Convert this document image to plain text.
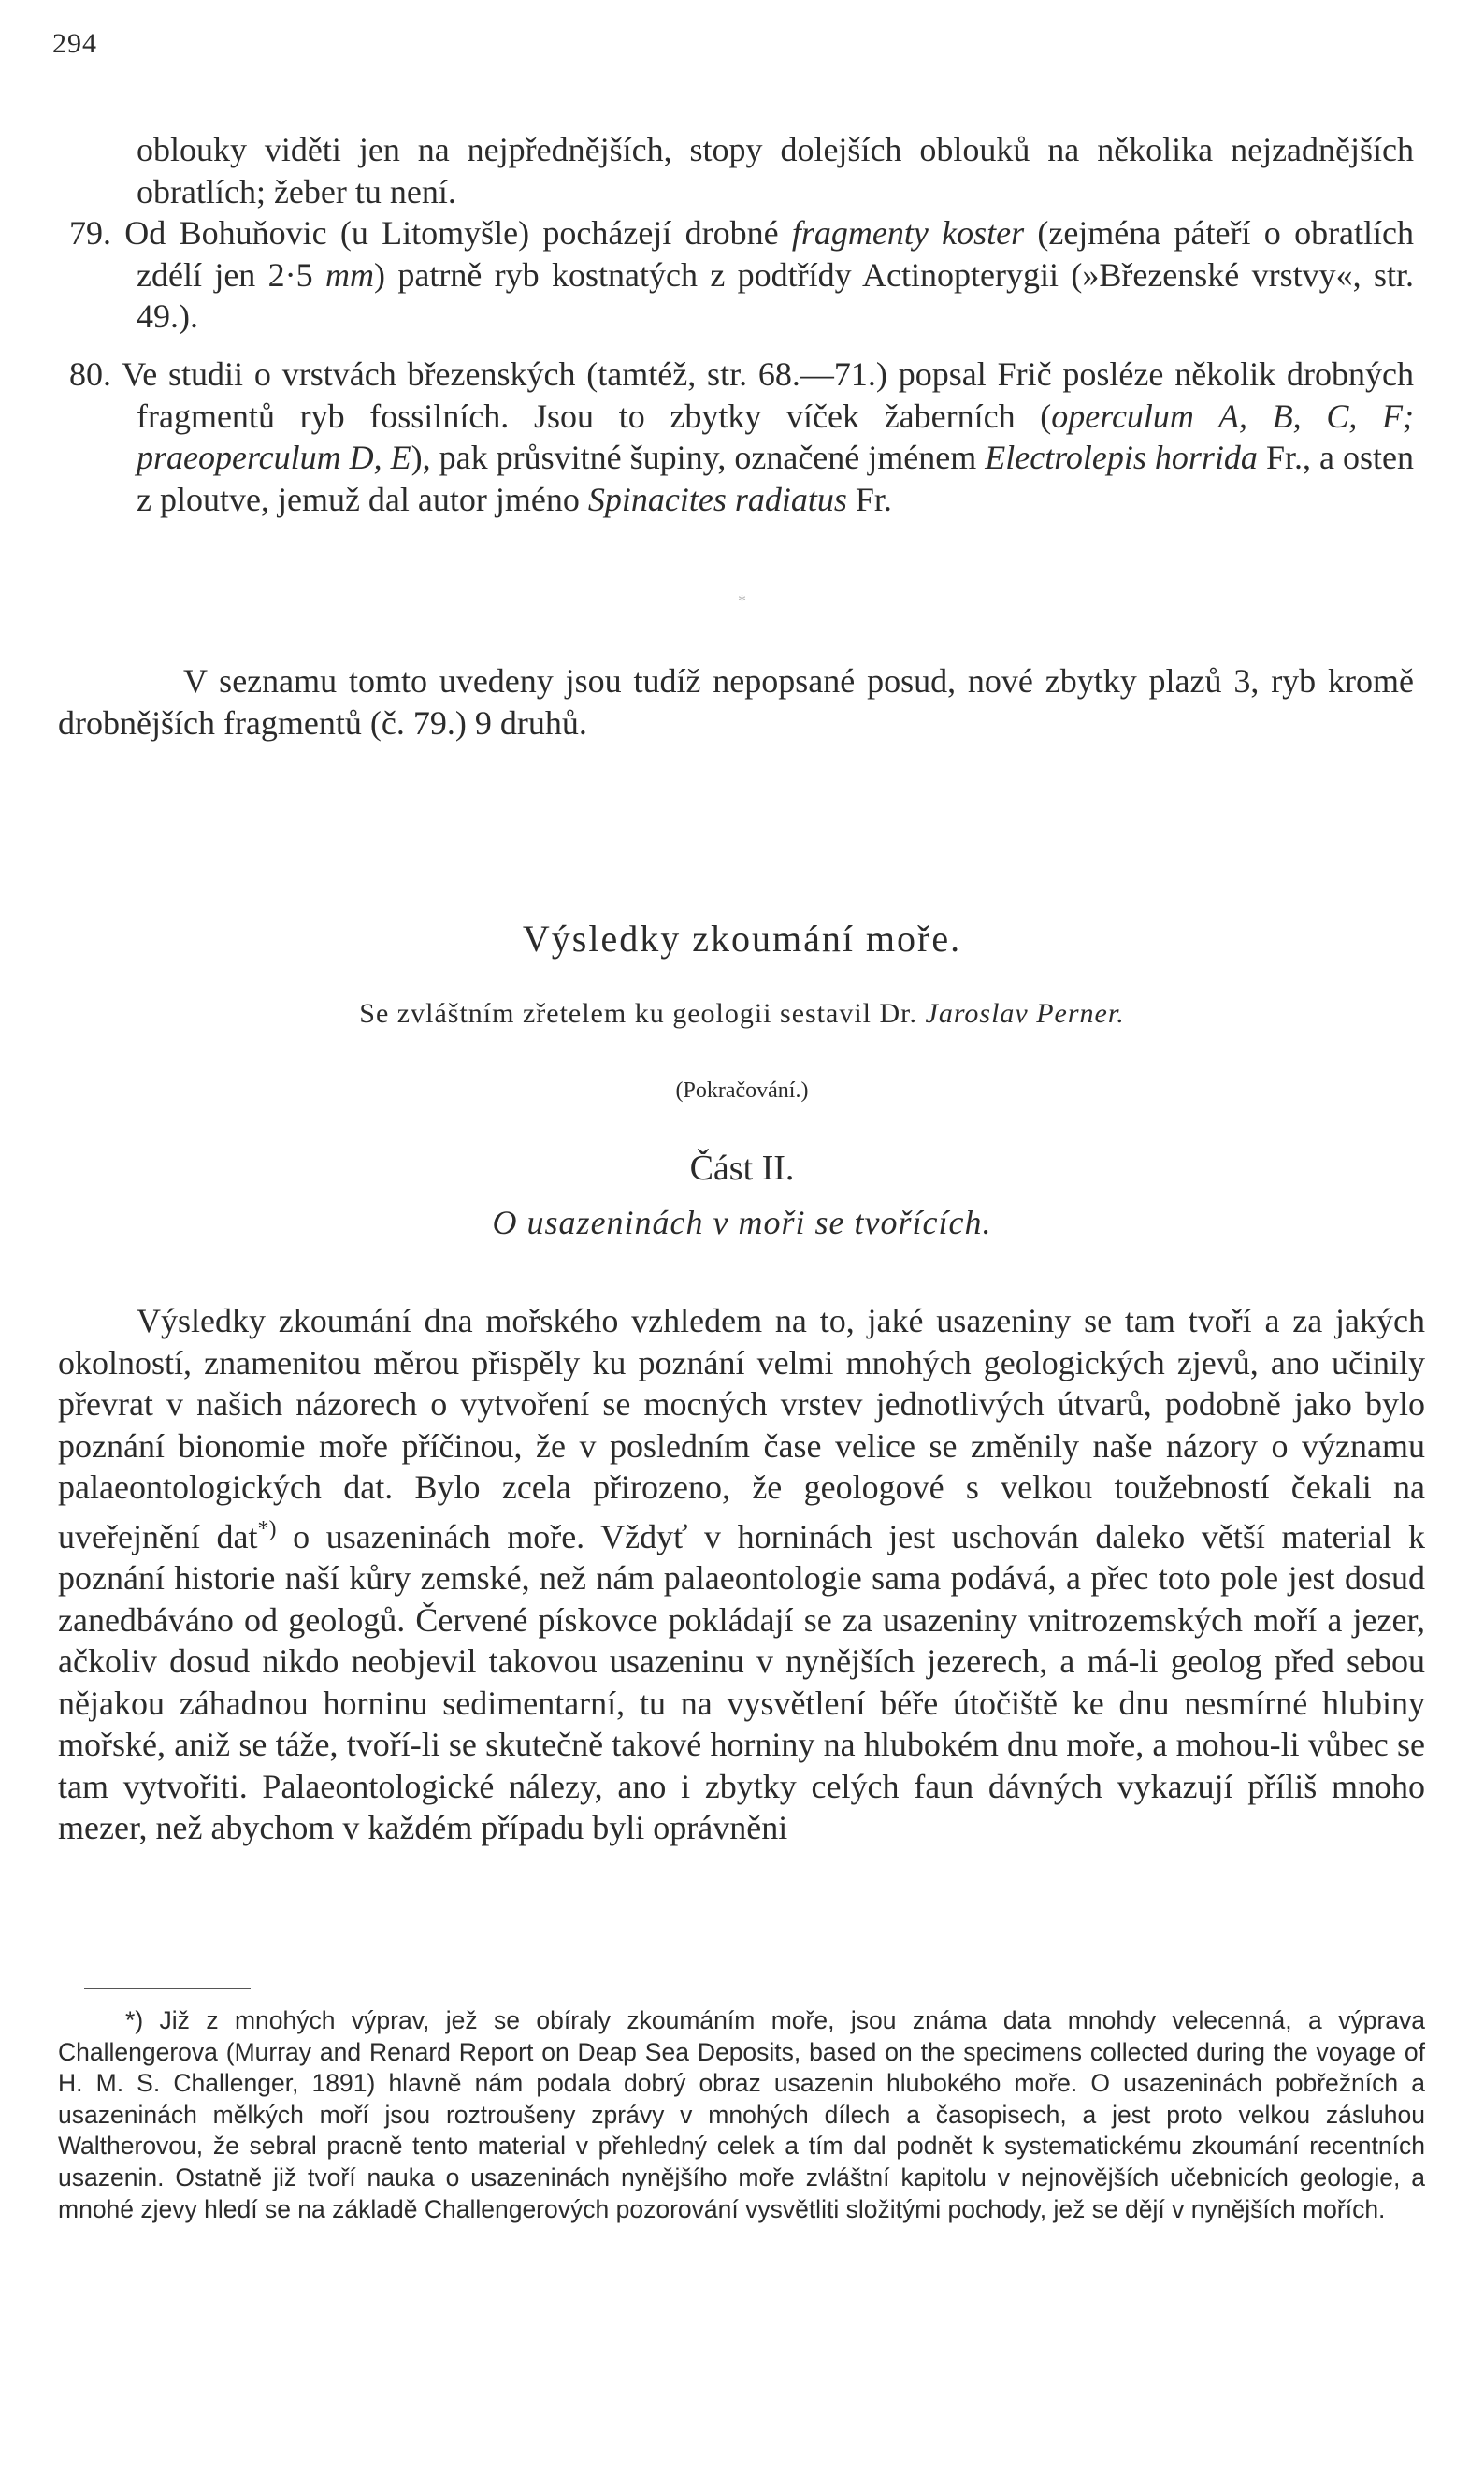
294
oblouky viděti jen na nejpřednějších, stopy dolejších oblouků na několika nejzadnějších obratlích; žeber tu není.
79. Od Bohuňovic (u Litomyšle) pocházejí drobné fragmenty koster (zejména páteří o obratlích zdélí jen 2·5 mm) patrně ryb kostnatých z podtřídy Actinopterygii (»Březenské vrstvy«, str. 49.).
80. Ve studii o vrstvách březenských (tamtéž, str. 68.—71.) popsal Frič posléze několik drobných fragmentů ryb fossilních. Jsou to zbytky víček žaberních (operculum A, B, C, F; praeoperculum D, E), pak průsvitné šupiny, označené jménem Electrolepis horrida Fr., a osten z ploutve, jemuž dal autor jméno Spinacites radiatus Fr.
*
V seznamu tomto uvedeny jsou tudíž nepopsané posud, nové zbytky plazů 3, ryb kromě drobnějších fragmentů (č. 79.) 9 druhů.
Výsledky zkoumání moře.
Se zvláštním zřetelem ku geologii sestavil Dr. Jaroslav Perner.
(Pokračování.)
Část II.
O usazeninách v moři se tvořících.
Výsledky zkoumání dna mořského vzhledem na to, jaké usazeniny se tam tvoří a za jakých okolností, znamenitou měrou přispěly ku poznání velmi mnohých geologických zjevů, ano učinily převrat v našich názorech o vytvoření se mocných vrstev jednotlivých útvarů, podobně jako bylo poznání bionomie moře příčinou, že v posledním čase velice se změnily naše názory o významu palaeontologických dat. Bylo zcela přirozeno, že geologové s velkou toužebností čekali na uveřejnění dat*) o usazeninách moře. Vždyť v horninách jest uschován daleko větší material k poznání historie naší kůry zemské, než nám palaeontologie sama podává, a přec toto pole jest dosud zanedbáváno od geologů. Červené pískovce pokládají se za usazeniny vnitrozemských moří a jezer, ačkoliv dosud nikdo neobjevil takovou usazeninu v nynějších jezerech, a má-li geolog před sebou nějakou záhadnou horninu sedimentarní, tu na vysvětlení béře útočiště ke dnu nesmírné hlubiny mořské, aniž se táže, tvoří-li se skutečně takové horniny na hlubokém dnu moře, a mohou-li vůbec se tam vytvořiti. Palaeontologické nálezy, ano i zbytky celých faun dávných vykazují příliš mnoho mezer, než abychom v každém případu byli oprávněni
*) Již z mnohých výprav, jež se obíraly zkoumáním moře, jsou známa data mnohdy velecenná, a výprava Challengerova (Murray and Renard Report on Deap Sea Deposits, based on the specimens collected during the voyage of H. M. S. Challenger, 1891) hlavně nám podala dobrý obraz usazenin hlubokého moře. O usazeninách pobřežních a usazeninách mělkých moří jsou roztroušeny zprávy v mnohých dílech a časopisech, a jest proto velkou zásluhou Waltherovou, že sebral pracně tento material v přehledný celek a tím dal podnět k systematickému zkoumání recentních usazenin. Ostatně již tvoří nauka o usazeninách nynějšího moře zvláštní kapitolu v nejnovějších učebnicích geologie, a mnohé zjevy hledí se na základě Challengerových pozorování vysvětliti složitými pochody, jež se dějí v nynějších mořích.
